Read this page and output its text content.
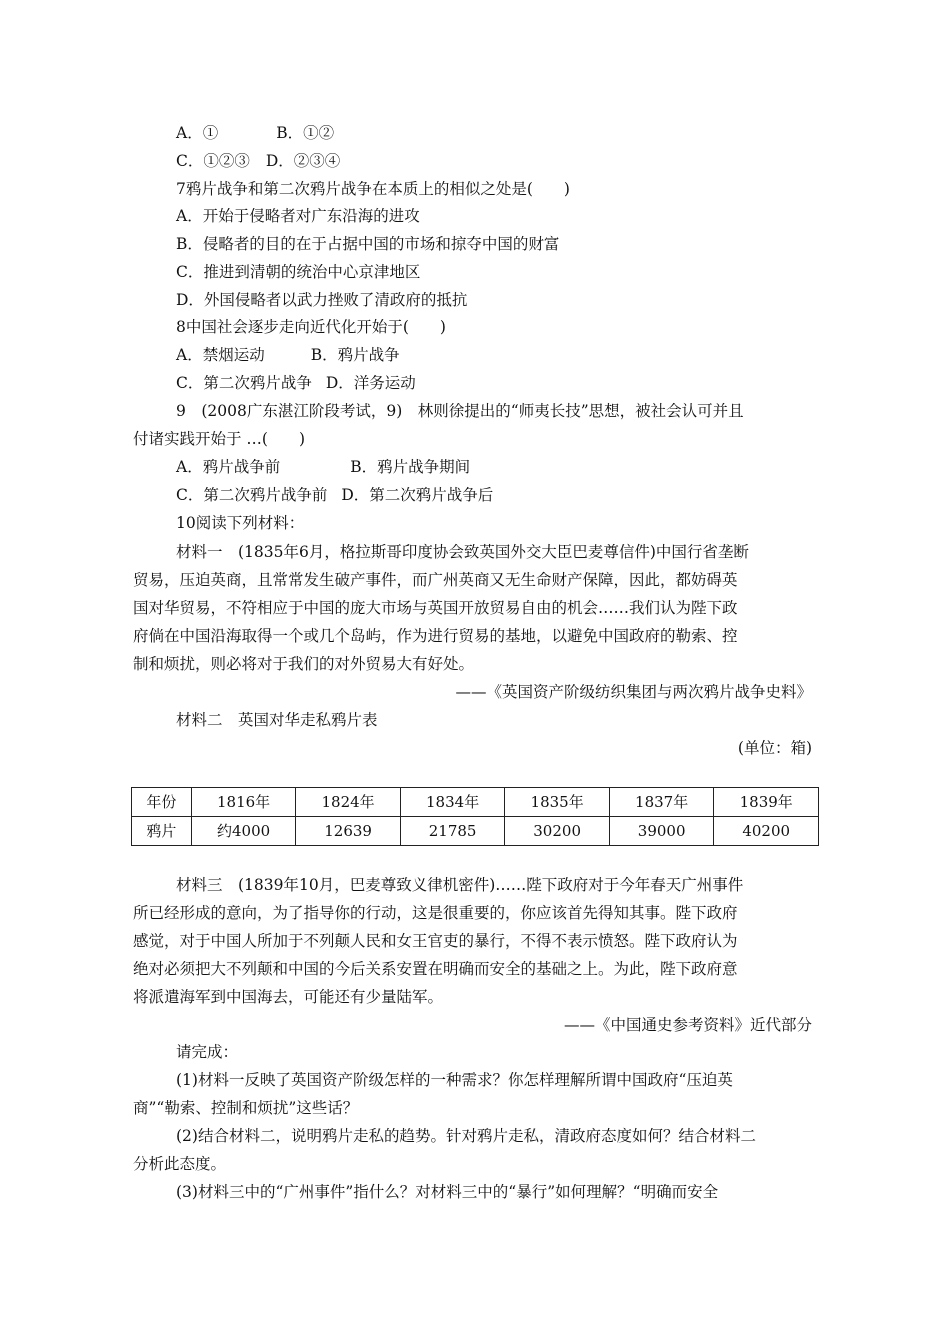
A．①	B．①②
C．①②③ D．②③④
7鸦片战争和第二次鸦片战争在本质上的相似之处是(　　)
A．开始于侵略者对广东沿海的进攻
B．侵略者的目的在于占据中国的市场和掠夺中国的财富
C．推进到清朝的统治中心京津地区
D．外国侵略者以武力挫败了清政府的抵抗
8中国社会逐步走向近代化开始于(　　)
A．禁烟运动	B．鸦片战争
C．第二次鸦片战争 D．洋务运动
9　(2008广东湛江阶段考试，9)　林则徐提出的“师夷长技”思想，被社会认可并且
付诸实践开始于 …(　　)
A．鸦片战争前	B．鸦片战争期间
C．第二次鸦片战争前 D．第二次鸦片战争后
10阅读下列材料：
材料一　(1835年6月，格拉斯哥印度协会致英国外交大臣巴麦尊信件)中国行省垄断
贸易，压迫英商，且常常发生破产事件，而广州英商又无生命财产保障，因此，都妨碍英
国对华贸易，不符相应于中国的庞大市场与英国开放贸易自由的机会……我们认为陛下政
府倘在中国沿海取得一个或几个岛屿，作为进行贸易的基地，以避免中国政府的勒索、控
制和烦扰，则必将对于我们的对外贸易大有好处。
——《英国资产阶级纺织集团与两次鸦片战争史料》
材料二　英国对华走私鸦片表
(单位：箱)
年份	1816年	1824年	1834年	1835年	1837年	1839年
鸦片	约4000	12639	21785	30200	39000	40200
材料三　(1839年10月，巴麦尊致义律机密件)……陛下政府对于今年春天广州事件
所已经形成的意向，为了指导你的行动，这是很重要的，你应该首先得知其事。陛下政府
感觉，对于中国人所加于不列颠人民和女王官吏的暴行，不得不表示愤怒。陛下政府认为
绝对必须把大不列颠和中国的今后关系安置在明确而安全的基础之上。为此，陛下政府意
将派遣海军到中国海去，可能还有少量陆军。
——《中国通史参考资料》近代部分
请完成：
(1)材料一反映了英国资产阶级怎样的一种需求？你怎样理解所谓中国政府“压迫英
商”“勒索、控制和烦扰”这些话？
(2)结合材料二，说明鸦片走私的趋势。针对鸦片走私，清政府态度如何？结合材料二
分析此态度。
(3)材料三中的“广州事件”指什么？对材料三中的“暴行”如何理解？“明确而安全
